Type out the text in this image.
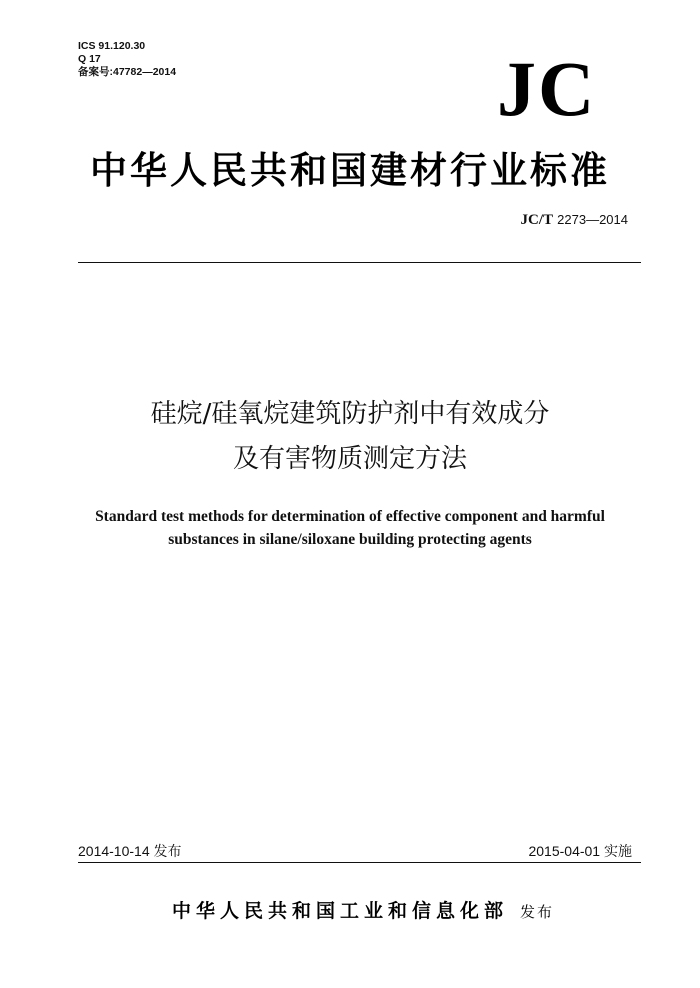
ICS 91.120.30
Q 17
备案号:47782—2014	JC
中华人民共和国建材行业标准
JC/T 2273—2014
硅烷/硅氧烷建筑防护剂中有效成分
及有害物质测定方法
Standard test methods for determination of effective component and harmful
substances in silane/siloxane building protecting agents
2014-10-14 发布	2015-04-01 实施
中华人民共和国工业和信息化部 发布
